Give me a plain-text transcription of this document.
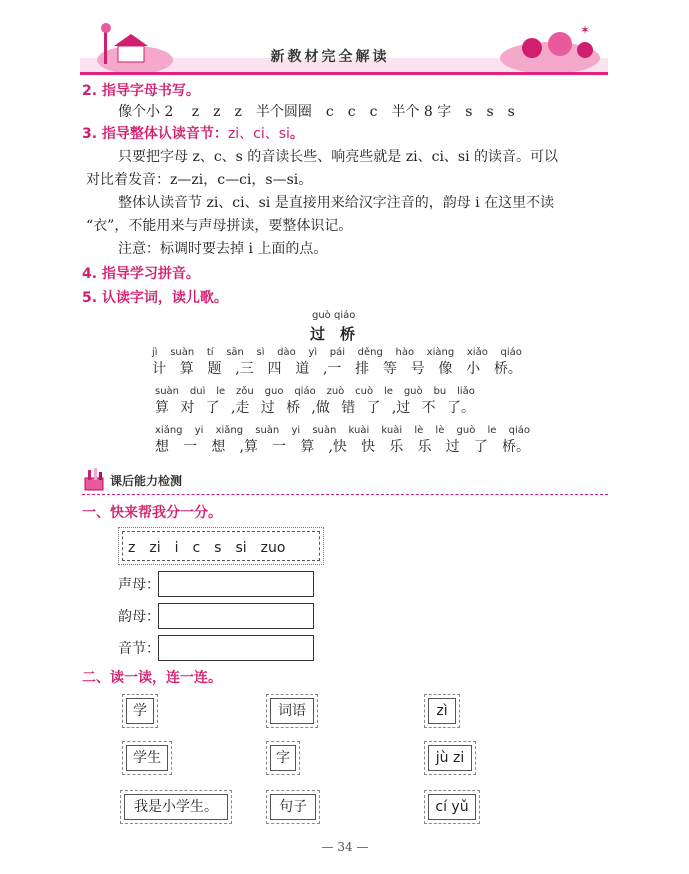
✶
新教材完全解读
2. 指导字母书写。
像个小 2　 z　z　z　半个圆圈　c　c　c　半个 8 字　s　s　s
3. 指导整体认读音节：zi、ci、si。
只要把字母 z、c、s 的音读长些、响亮些就是 zi、ci、si 的读音。可以
对比着发音：z—zi，c—ci，s—si。
整体认读音节 zi、ci、si 是直接用来给汉字注音的，韵母 i 在这里不读
“衣”，不能用来与声母拼读，要整体识记。
注意：标调时要去掉 i 上面的点。
4. 指导学习拼音。
5. 认读字词，读儿歌。
guò qiáo
过　桥
jì suàn tí sān sì dào yì pái děng hào xiàng xiǎo qiáo
计 算 题 ,三 四 道 ,一 排 等 号 像 小 桥。
suàn duì le zǒu guo qiáo zuò cuò le guò bu liǎo
算 对 了 ,走 过 桥 ,做 错 了 ,过 不 了。
xiǎng yi xiǎng suàn yi suàn kuài kuài lè lè guò le qiáo
想 一 想 ,算 一 算 ,快 快 乐 乐 过 了 桥。
课后能力检测
一、快来帮我分一分。
z　zi　i　c　s　si　zuo
声母：
韵母：
音节：
二、读一读，连一连。
学
学生
我是小学生。
词语
字
句子
zì
jù zi
cí yǔ
— 34 —
